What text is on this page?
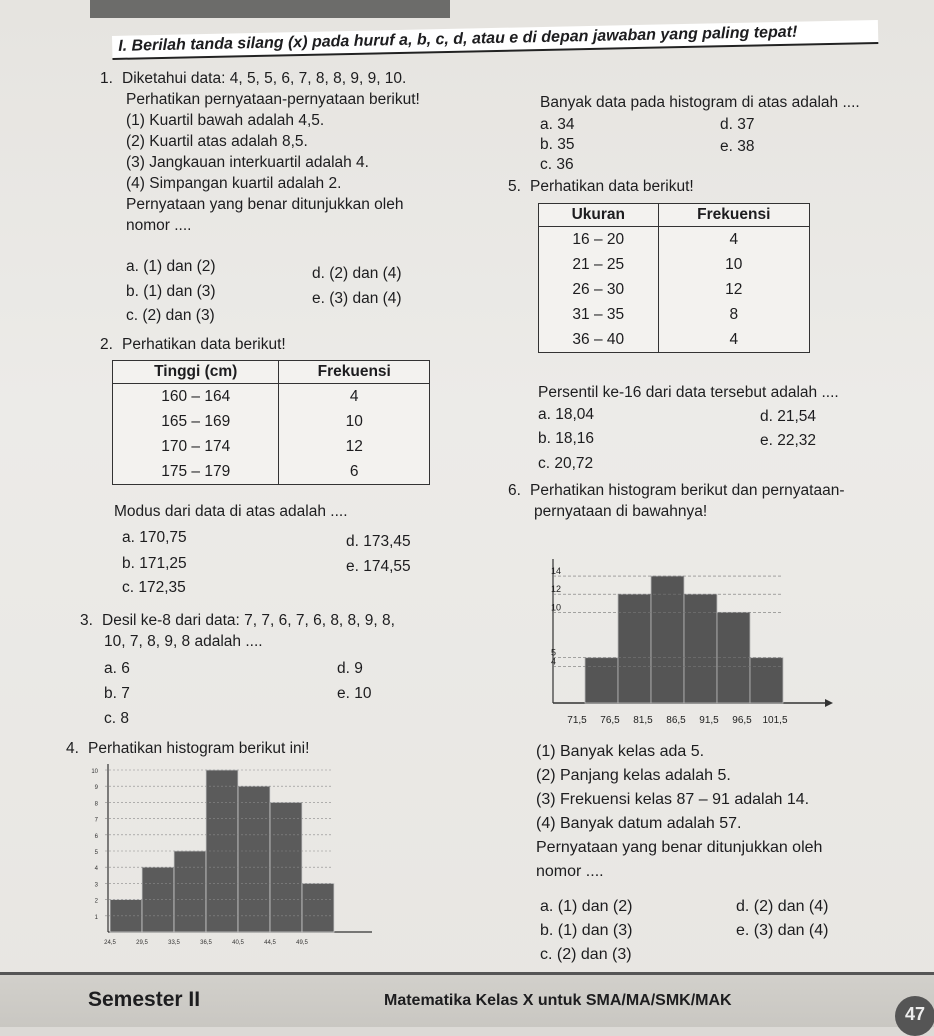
I. Berilah tanda silang (x) pada huruf a, b, c, d, atau e di depan jawaban yang paling tepat!
1. Diketahui data: 4, 5, 5, 6, 7, 8, 8, 9, 9, 10.
Perhatikan pernyataan-pernyataan berikut!
(1) Kuartil bawah adalah 4,5.
(2) Kuartil atas adalah 8,5.
(3) Jangkauan interkuartil adalah 4.
(4) Simpangan kuartil adalah 2.
Pernyataan yang benar ditunjukkan oleh
nomor ....
a. (1) dan (2)
b. (1) dan (3)
c. (2) dan (3)
d. (2) dan (4)
e. (3) dan (4)
2. Perhatikan data berikut!
Tinggi (cm)	Frekuensi
160 – 164	4
165 – 169	10
170 – 174	12
175 – 179	6
Modus dari data di atas adalah ....
a. 170,75
b. 171,25
c. 172,35
d. 173,45
e. 174,55
3. Desil ke-8 dari data: 7, 7, 6, 7, 6, 8, 8, 9, 8,
10, 7, 8, 9, 8 adalah ....
a. 6
b. 7
c. 8
d. 9
e. 10
4. Perhatikan histogram berikut ini!
1
2
3
4
5
6
7
8
9
10
24,5	29,5	33,5	36,5	40,5	44,5	49,5
Banyak data pada histogram di atas adalah ....
a. 34
b. 35
c. 36
d. 37
e. 38
5. Perhatikan data berikut!
Ukuran	Frekuensi
16 – 20	4
21 – 25	10
26 – 30	12
31 – 35	8
36 – 40	4
Persentil ke-16 dari data tersebut adalah ....
a. 18,04
b. 18,16
c. 20,72
d. 21,54
e. 22,32
6. Perhatikan histogram berikut dan pernyataan-
pernyataan di bawahnya!
4
5
10
12
14
71,5 76,5 81,5 86,5 91,5 96,5 101,5
(1) Banyak kelas ada 5.
(2) Panjang kelas adalah 5.
(3) Frekuensi kelas 87 – 91 adalah 14.
(4) Banyak datum adalah 57.
Pernyataan yang benar ditunjukkan oleh
nomor ....
a. (1) dan (2)
b. (1) dan (3)
c. (2) dan (3)
d. (2) dan (4)
e. (3) dan (4)
Semester II	Matematika Kelas X untuk SMA/MA/SMK/MAK
47
